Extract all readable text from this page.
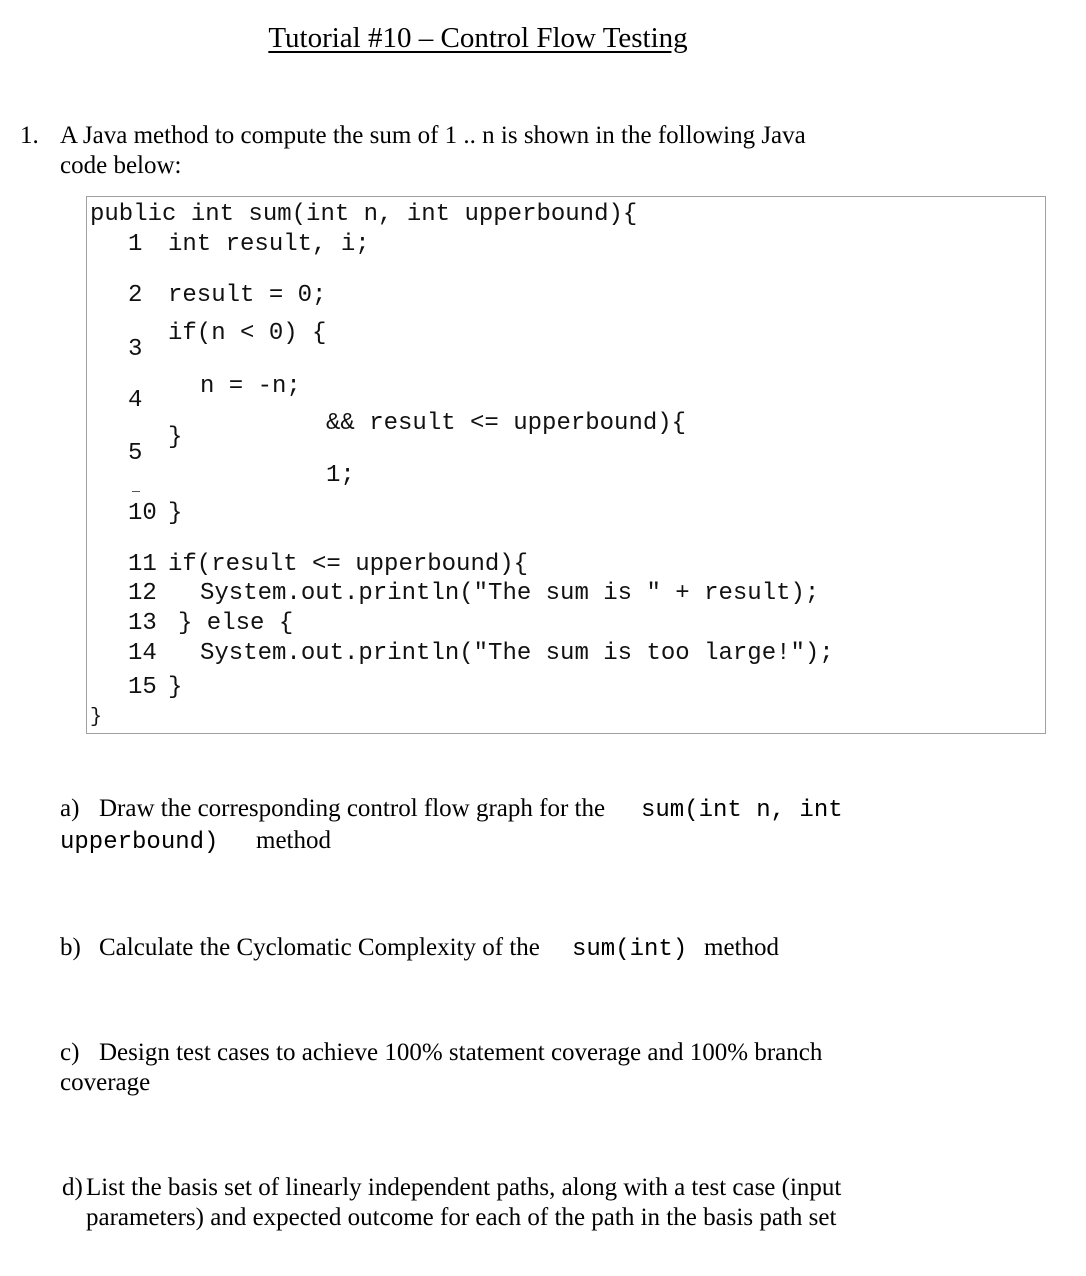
Tutorial #10 – Control Flow Testing
1. A Java method to compute the sum of 1 .. n is shown in the following Java
code below:
public int sum(int n, int upperbound){
1 int result, i;
2 result = 0;
3
if(n < 0) {
4
n = -n;
&& result <= upperbound){
}
5
1;
10 }
11 if(result <= upperbound){
12 System.out.println("The sum is " + result);
13 } else {
14 System.out.println("The sum is too large!");
15 }
}
a) Draw the corresponding control flow graph for the sum(int n, int
upperbound) method
b) Calculate the Cyclomatic Complexity of the sum(int) method
c) Design test cases to achieve 100% statement coverage and 100% branch
coverage
d) List the basis set of linearly independent paths, along with a test case (input
parameters) and expected outcome for each of the path in the basis path set
